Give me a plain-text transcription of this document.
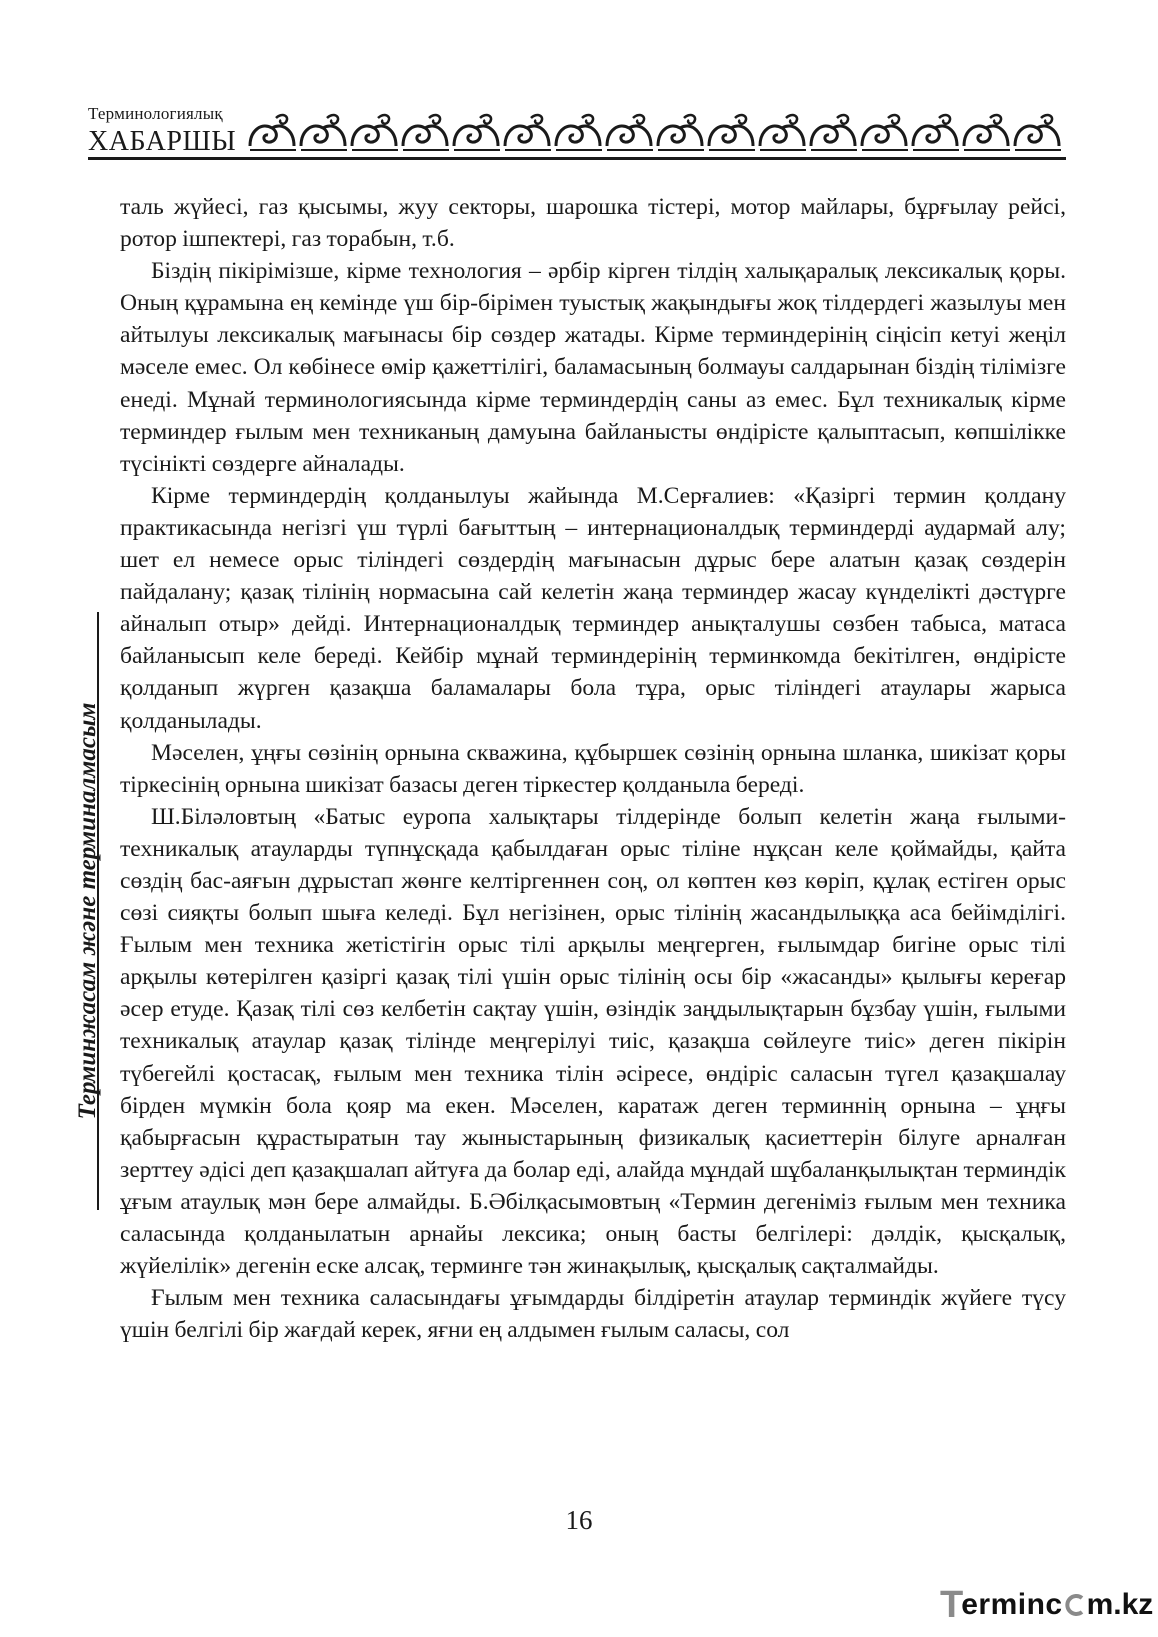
Терминологиялық
ХАБАРШЫ
Терминжасам және терминалмасым

таль жүйесі, газ қысымы, жуу секторы, шарошка тістері, мотор майлары, бұрғылау рейсі, ротор ішпектері, газ торабын, т.б.

Біздің пікірімізше, кірме технология – әрбір кірген тілдің халықаралық лексикалық қоры. Оның құрамына ең кемінде үш бір-бірімен туыстық жақындығы жоқ тілдердегі жазылуы мен айтылуы лексикалық мағынасы бір сөздер жатады. Кірме терминдерінің сіңісіп кетуі жеңіл мәселе емес. Ол көбінесе өмір қажеттілігі, баламасының болмауы салдарынан біздің тілімізге енеді. Мұнай терминологиясында кірме терминдердің саны аз емес. Бұл техникалық кірме терминдер ғылым мен техниканың дамуына байланысты өндірісте қалыптасып, көпшілікке түсінікті сөздерге айналады.

Кірме терминдердің қолданылуы жайында М.Серғалиев: «Қазіргі термин қолдану практикасында негізгі үш түрлі бағыттың – интернационалдық терминдерді аудармай алу; шет ел немесе орыс тіліндегі сөздердің мағынасын дұрыс бере алатын қазақ сөздерін пайдалану; қазақ тілінің нормасына сай келетін жаңа терминдер жасау күнделікті дәстүрге айналып отыр» дейді. Интернационалдық терминдер анықталушы сөзбен табыса, матаса байланысып келе береді. Кейбір мұнай терминдерінің терминкомда бекітілген, өндірісте қолданып жүрген қазақша баламалары бола тұра, орыс тіліндегі атаулары жарыса қолданылады.

Мәселен, ұңғы сөзінің орнына скважина, құбыршек сөзінің орнына шланка, шикізат қоры тіркесінің орнына шикізат базасы деген тіркестер қолданыла береді.

Ш.Біләловтың «Батыс еуропа халықтары тілдерінде болып келетін жаңа ғылыми-техникалық атауларды түпнұсқада қабылдаған орыс тіліне нұқсан келе қоймайды, қайта сөздің бас-аяғын дұрыстап жөнге келтіргеннен соң, ол көптен көз көріп, құлақ естіген орыс сөзі сияқты болып шыға келеді. Бұл негізінен, орыс тілінің жасандылыққа аса бейімділігі. Ғылым мен техника жетістігін орыс тілі арқылы меңгерген, ғылымдар бигіне орыс тілі арқылы көтерілген қазіргі қазақ тілі үшін орыс тілінің осы бір «жасанды» қылығы кереғар әсер етуде. Қазақ тілі сөз келбетін сақтау үшін, өзіндік заңдылықтарын бұзбау үшін, ғылыми техникалық атаулар қазақ тілінде меңгерілуі тиіс, қазақша сөйлеуге тиіс» деген пікірін түбегейлі қостасақ, ғылым мен техника тілін әсіресе, өндіріс саласын түгел қазақшалау бірден мүмкін бола қояр ма екен. Мәселен, каратаж деген терминнің орнына – ұңғы қабырғасын құрастыратын тау жыныстарының физикалық қасиеттерін білуге арналған зерттеу әдісі деп қазақшалап айтуға да болар еді, алайда мұндай шұбаланқылықтан терминдік ұғым атаулық мән бере алмайды. Б.Әбілқасымовтың «Термин дегеніміз ғылым мен техника саласында қолданылатын арнайы лексика; оның басты белгілері: дәлдік, қысқалық, жүйелілік» дегенін еске алсақ, терминге тән жинақылық, қысқалық сақталмайды.

Ғылым мен техника саласындағы ұғымдарды білдіретін атаулар терминдік жүйеге түсу үшін белгілі бір жағдай керек, яғни ең алдымен ғылым саласы, сол

16
T
erminc m.kz
